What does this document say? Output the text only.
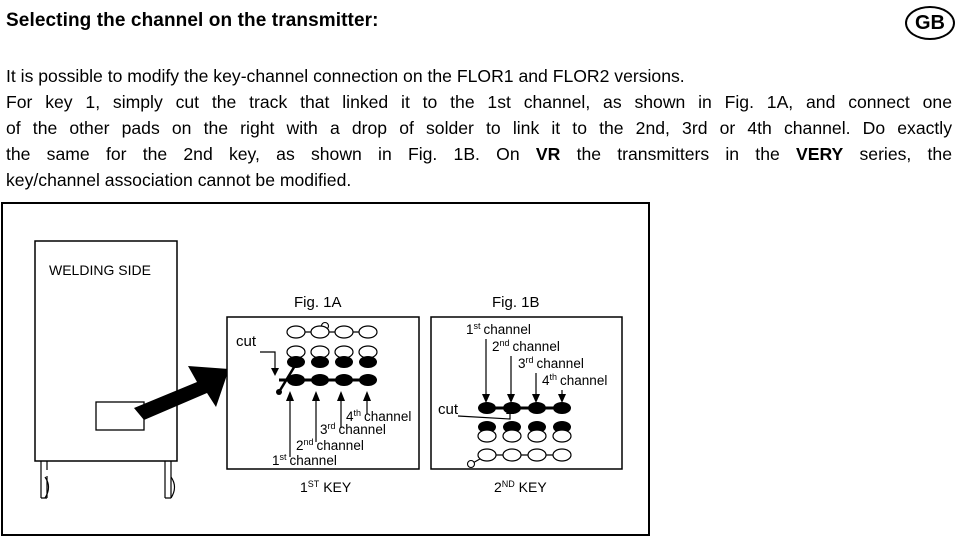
Selecting the channel on the transmitter:	GB
It is possible to modify the key-channel connection on the FLOR1 and FLOR2 versions.
For key 1, simply cut the track that linked it to the 1st channel, as shown in Fig. 1A, and connect one
of the other pads on the right with a drop of solder to link it to the 2nd, 3rd or 4th channel. Do exactly
the same for the 2nd key, as shown in Fig. 1B. On VR the transmitters in the VERY series, the
key/channel association cannot be modified.
WELDING SIDE
Fig. 1A
cut
1st channel
2nd channel
3rd channel
4th channel
1ST KEY
Fig. 1B
1st channel
2nd channel
3rd channel
4th channel
cut
2ND KEY
